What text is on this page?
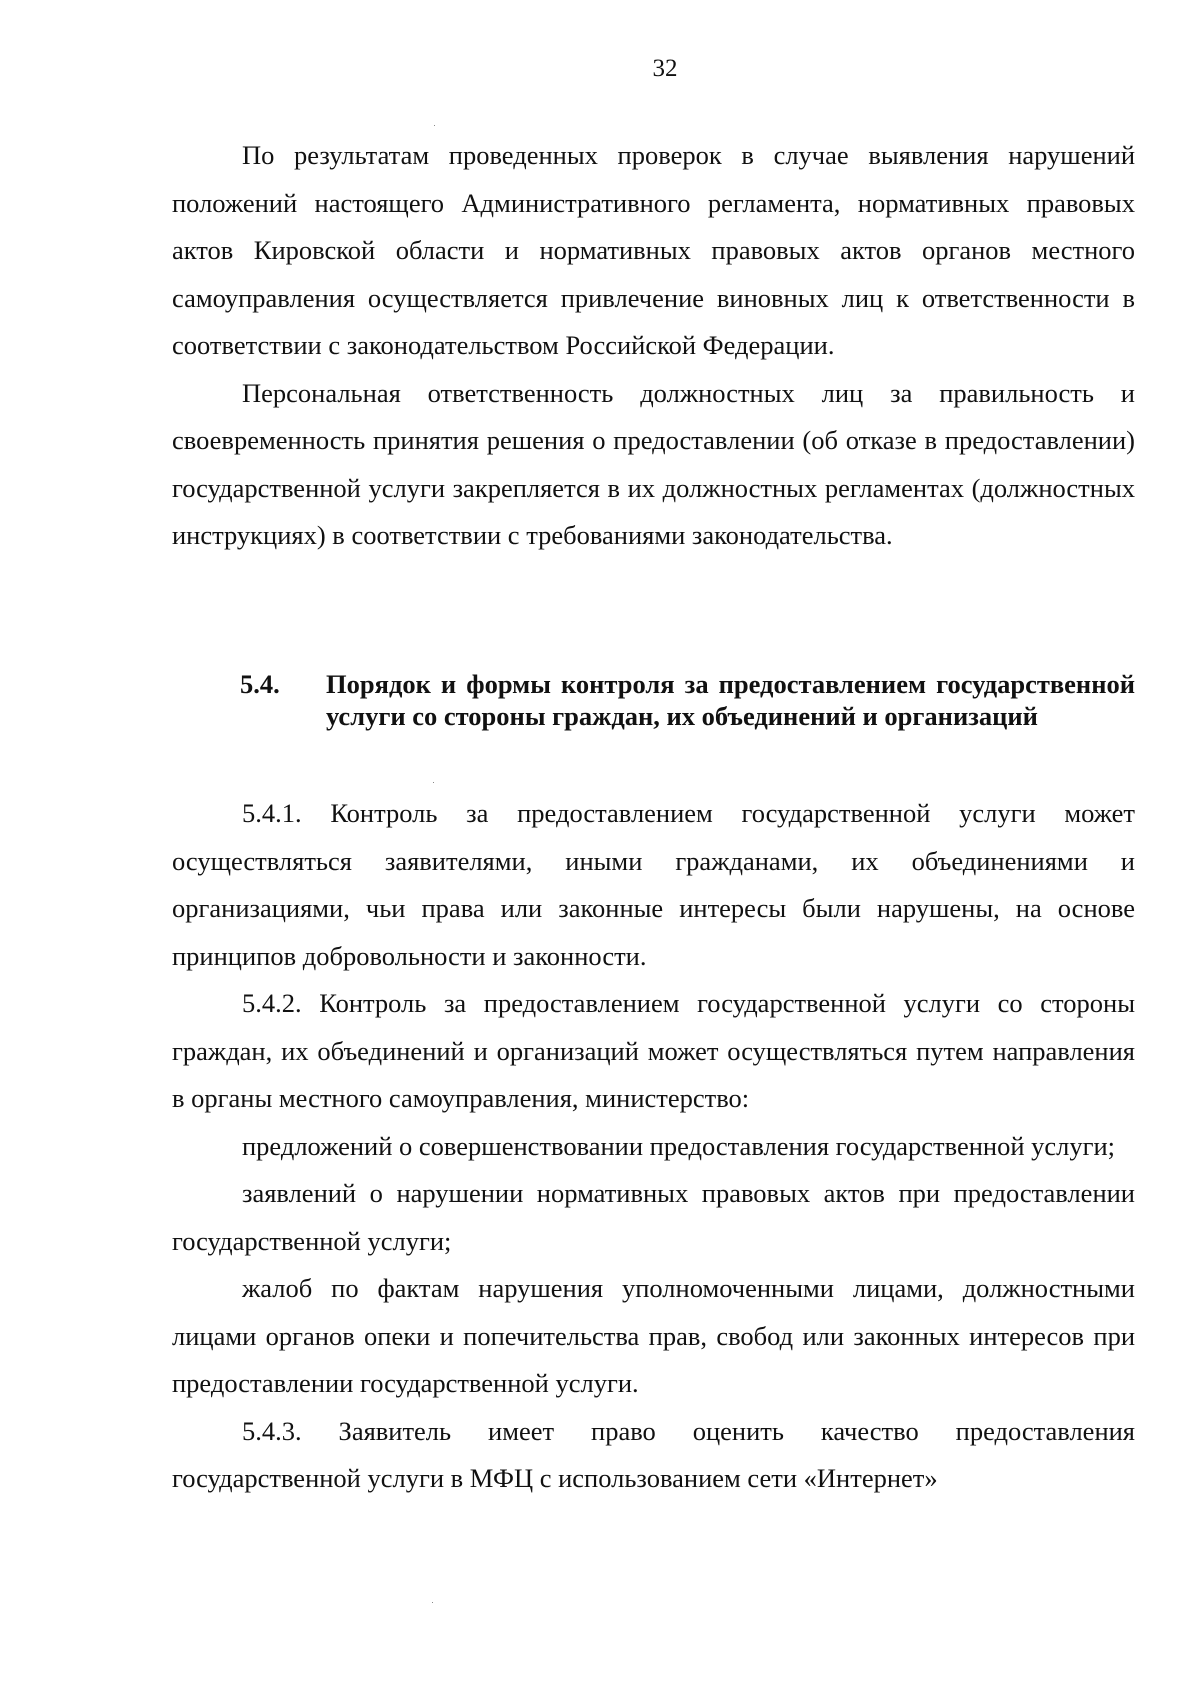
32

По результатам проведенных проверок в случае выявления нарушений положений настоящего Административного регламента, нормативных правовых актов Кировской области и нормативных правовых актов органов местного самоуправления осуществляется привлечение виновных лиц к ответственности в соответствии с законодательством Российской Федерации.

Персональная ответственность должностных лиц за правильность и своевременность принятия решения о предоставлении (об отказе в предоставлении) государственной услуги закрепляется в их должностных регламентах (должностных инструкциях) в соответствии с требованиями законодательства.

5.4. Порядок и формы контроля за предоставлением государственной услуги со стороны граждан, их объединений и организаций

5.4.1. Контроль за предоставлением государственной услуги может осуществляться заявителями, иными гражданами, их объединениями и организациями, чьи права или законные интересы были нарушены, на основе принципов добровольности и законности.

5.4.2. Контроль за предоставлением государственной услуги со стороны граждан, их объединений и организаций может осуществляться путем направления в органы местного самоуправления, министерство:

предложений о совершенствовании предоставления государственной услуги;

заявлений о нарушении нормативных правовых актов при предоставлении государственной услуги;

жалоб по фактам нарушения уполномоченными лицами, должностными лицами органов опеки и попечительства прав, свобод или законных интересов при предоставлении государственной услуги.

5.4.3. Заявитель имеет право оценить качество предоставления государственной услуги в МФЦ с использованием сети «Интернет»
